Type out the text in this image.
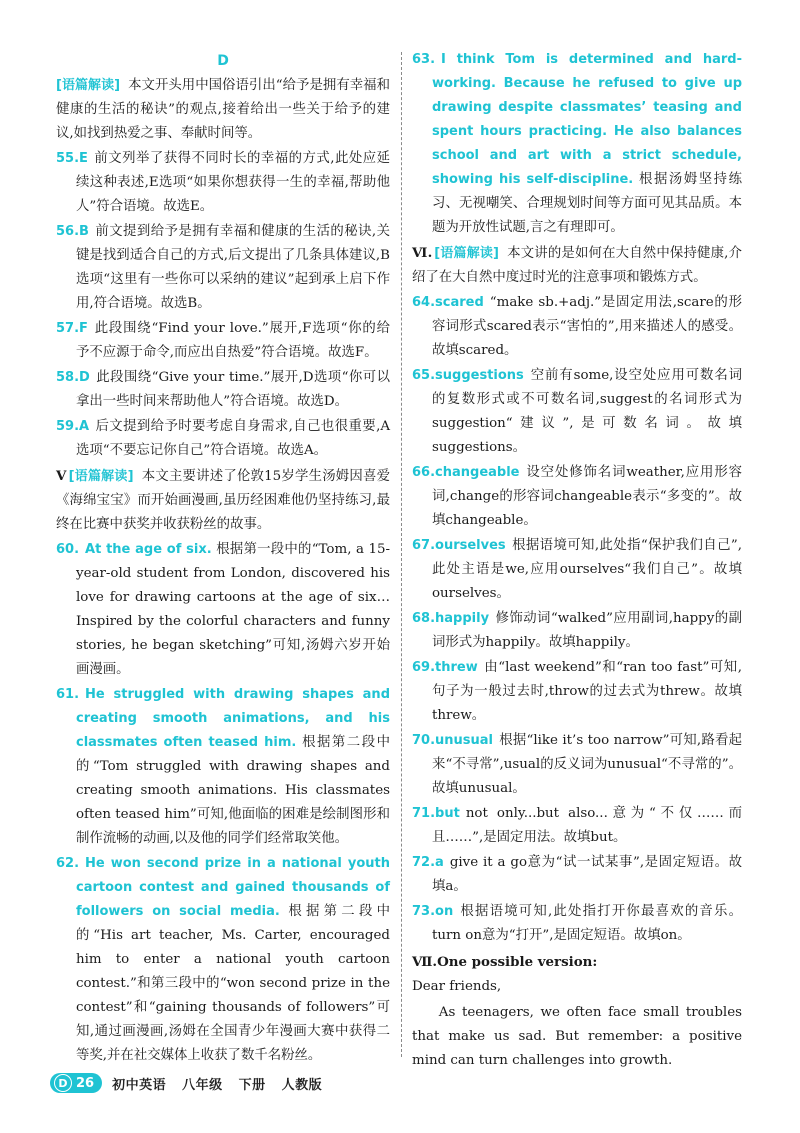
D

[语篇解读] 本文开头用中国俗语引出“给予是拥有幸福和健康的生活的秘诀”的观点,接着给出一些关于给予的建议,如找到热爱之事、奉献时间等。

55.E 前文列举了获得不同时长的幸福的方式,此处应延续这种表述,E选项“如果你想获得一生的幸福,帮助他人”符合语境。故选E。

56.B 前文提到给予是拥有幸福和健康的生活的秘诀,关键是找到适合自己的方式,后文提出了几条具体建议,B选项“这里有一些你可以采纳的建议”起到承上启下作用,符合语境。故选B。

57.F 此段围绕“Find your love.”展开,F选项“你的给予不应源于命令,而应出自热爱”符合语境。故选F。

58.D 此段围绕“Give your time.”展开,D选项“你可以拿出一些时间来帮助他人”符合语境。故选D。

59.A 后文提到给予时要考虑自身需求,自己也很重要,A选项“不要忘记你自己”符合语境。故选A。

Ⅴ [语篇解读] 本文主要讲述了伦敦15岁学生汤姆因喜爱《海绵宝宝》而开始画漫画,虽历经困难他仍坚持练习,最终在比赛中获奖并收获粉丝的故事。

60. At the age of six. 根据第一段中的“Tom, a 15-year-old student from London, discovered his love for drawing cartoons at the age of six…Inspired by the colorful characters and funny stories, he began sketching”可知,汤姆六岁开始画漫画。

61. He struggled with drawing shapes and creating smooth animations, and his classmates often teased him. 根据第二段中的“Tom struggled with drawing shapes and creating smooth animations. His classmates often teased him”可知,他面临的困难是绘制图形和制作流畅的动画,以及他的同学们经常取笑他。

62. He won second prize in a national youth cartoon contest and gained thousands of followers on social media. 根据第二段中的“His art teacher, Ms. Carter, encouraged him to enter a national youth cartoon contest.”和第三段中的“won second prize in the contest”和“gaining thousands of followers”可知,通过画漫画,汤姆在全国青少年漫画大赛中获得二等奖,并在社交媒体上收获了数千名粉丝。

63. I think Tom is determined and hard-working. Because he refused to give up drawing despite classmates’ teasing and spent hours practicing. He also balances school and art with a strict schedule, showing his self-discipline. 根据汤姆坚持练习、无视嘲笑、合理规划时间等方面可见其品质。本题为开放性试题,言之有理即可。

Ⅵ. [语篇解读] 本文讲的是如何在大自然中保持健康,介绍了在大自然中度过时光的注意事项和锻炼方式。

64.scared “make sb.+adj.”是固定用法,scare的形容词形式scared表示“害怕的”,用来描述人的感受。故填scared。

65.suggestions 空前有some,设空处应用可数名词的复数形式或不可数名词,suggest的名词形式为suggestion“建议”,是可数名词。故填suggestions。

66.changeable 设空处修饰名词weather,应用形容词,change的形容词changeable表示“多变的”。故填changeable。

67.ourselves 根据语境可知,此处指“保护我们自己”,此处主语是we,应用ourselves“我们自己”。故填ourselves。

68.happily 修饰动词“walked”应用副词,happy的副词形式为happily。故填happily。

69.threw 由“last weekend”和“ran too fast”可知,句子为一般过去时,throw的过去式为threw。故填threw。

70.unusual 根据“like it’s too narrow”可知,路看起来“不寻常”,usual的反义词为unusual“不寻常的”。故填unusual。

71.but not only...but also...意为“不仅……而且……”,是固定用法。故填but。

72.a give it a go意为“试一试某事”,是固定短语。故填a。

73.on 根据语境可知,此处指打开你最喜欢的音乐。turn on意为“打开”,是固定短语。故填on。

Ⅶ.One possible version:

Dear friends,

As teenagers, we often face small troubles that make us sad. But remember: a positive mind can turn challenges into growth.

D 26 初中英语 八年级 下册 人教版
